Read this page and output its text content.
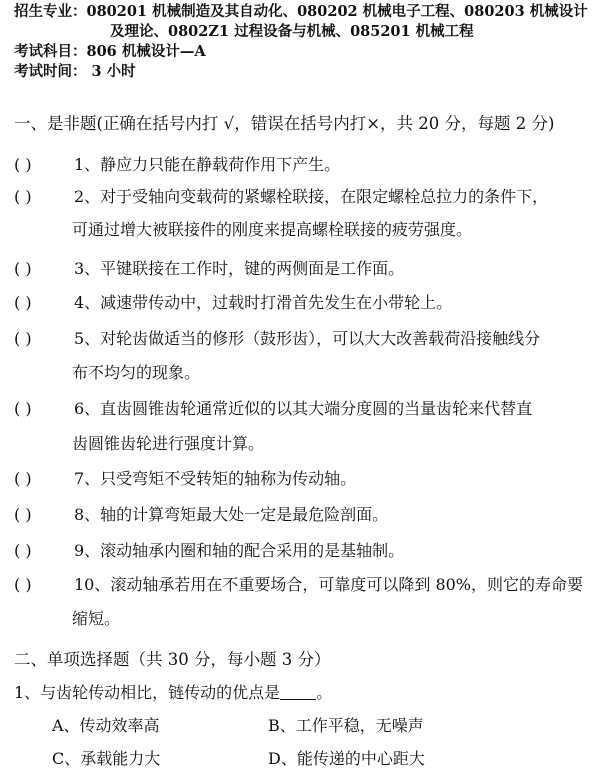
招生专业：080201 机械制造及其自动化、080202 机械电子工程、080203 机械设计
及理论、0802Z1 过程设备与机械、085201 机械工程
考试科目：806 机械设计—A
考试时间： 3 小时
一、是非题(正确在括号内打 √，错误在括号内打×，共 20 分，每题 2 分)
( )	1、静应力只能在静载荷作用下产生。
( )	2、对于受轴向变载荷的紧螺栓联接，在限定螺栓总拉力的条件下，
可通过增大被联接件的刚度来提高螺栓联接的疲劳强度。
( )	3、平键联接在工作时，键的两侧面是工作面。
( )	4、减速带传动中，过载时打滑首先发生在小带轮上。
( )	5、对轮齿做适当的修形（鼓形齿），可以大大改善载荷沿接触线分
布不均匀的现象。
( )	6、直齿圆锥齿轮通常近似的以其大端分度圆的当量齿轮来代替直
齿圆锥齿轮进行强度计算。
( )	7、只受弯矩不受转矩的轴称为传动轴。
( )	8、轴的计算弯矩最大处一定是最危险剖面。
( )	9、滚动轴承内圈和轴的配合采用的是基轴制。
( )	10、滚动轴承若用在不重要场合，可靠度可以降到 80%，则它的寿命要
缩短。
二、单项选择题（共 30 分，每小题 3 分）
1、与齿轮传动相比，链传动的优点是 。
A、传动效率高	B、工作平稳，无噪声
C、承载能力大	D、能传递的中心距大
